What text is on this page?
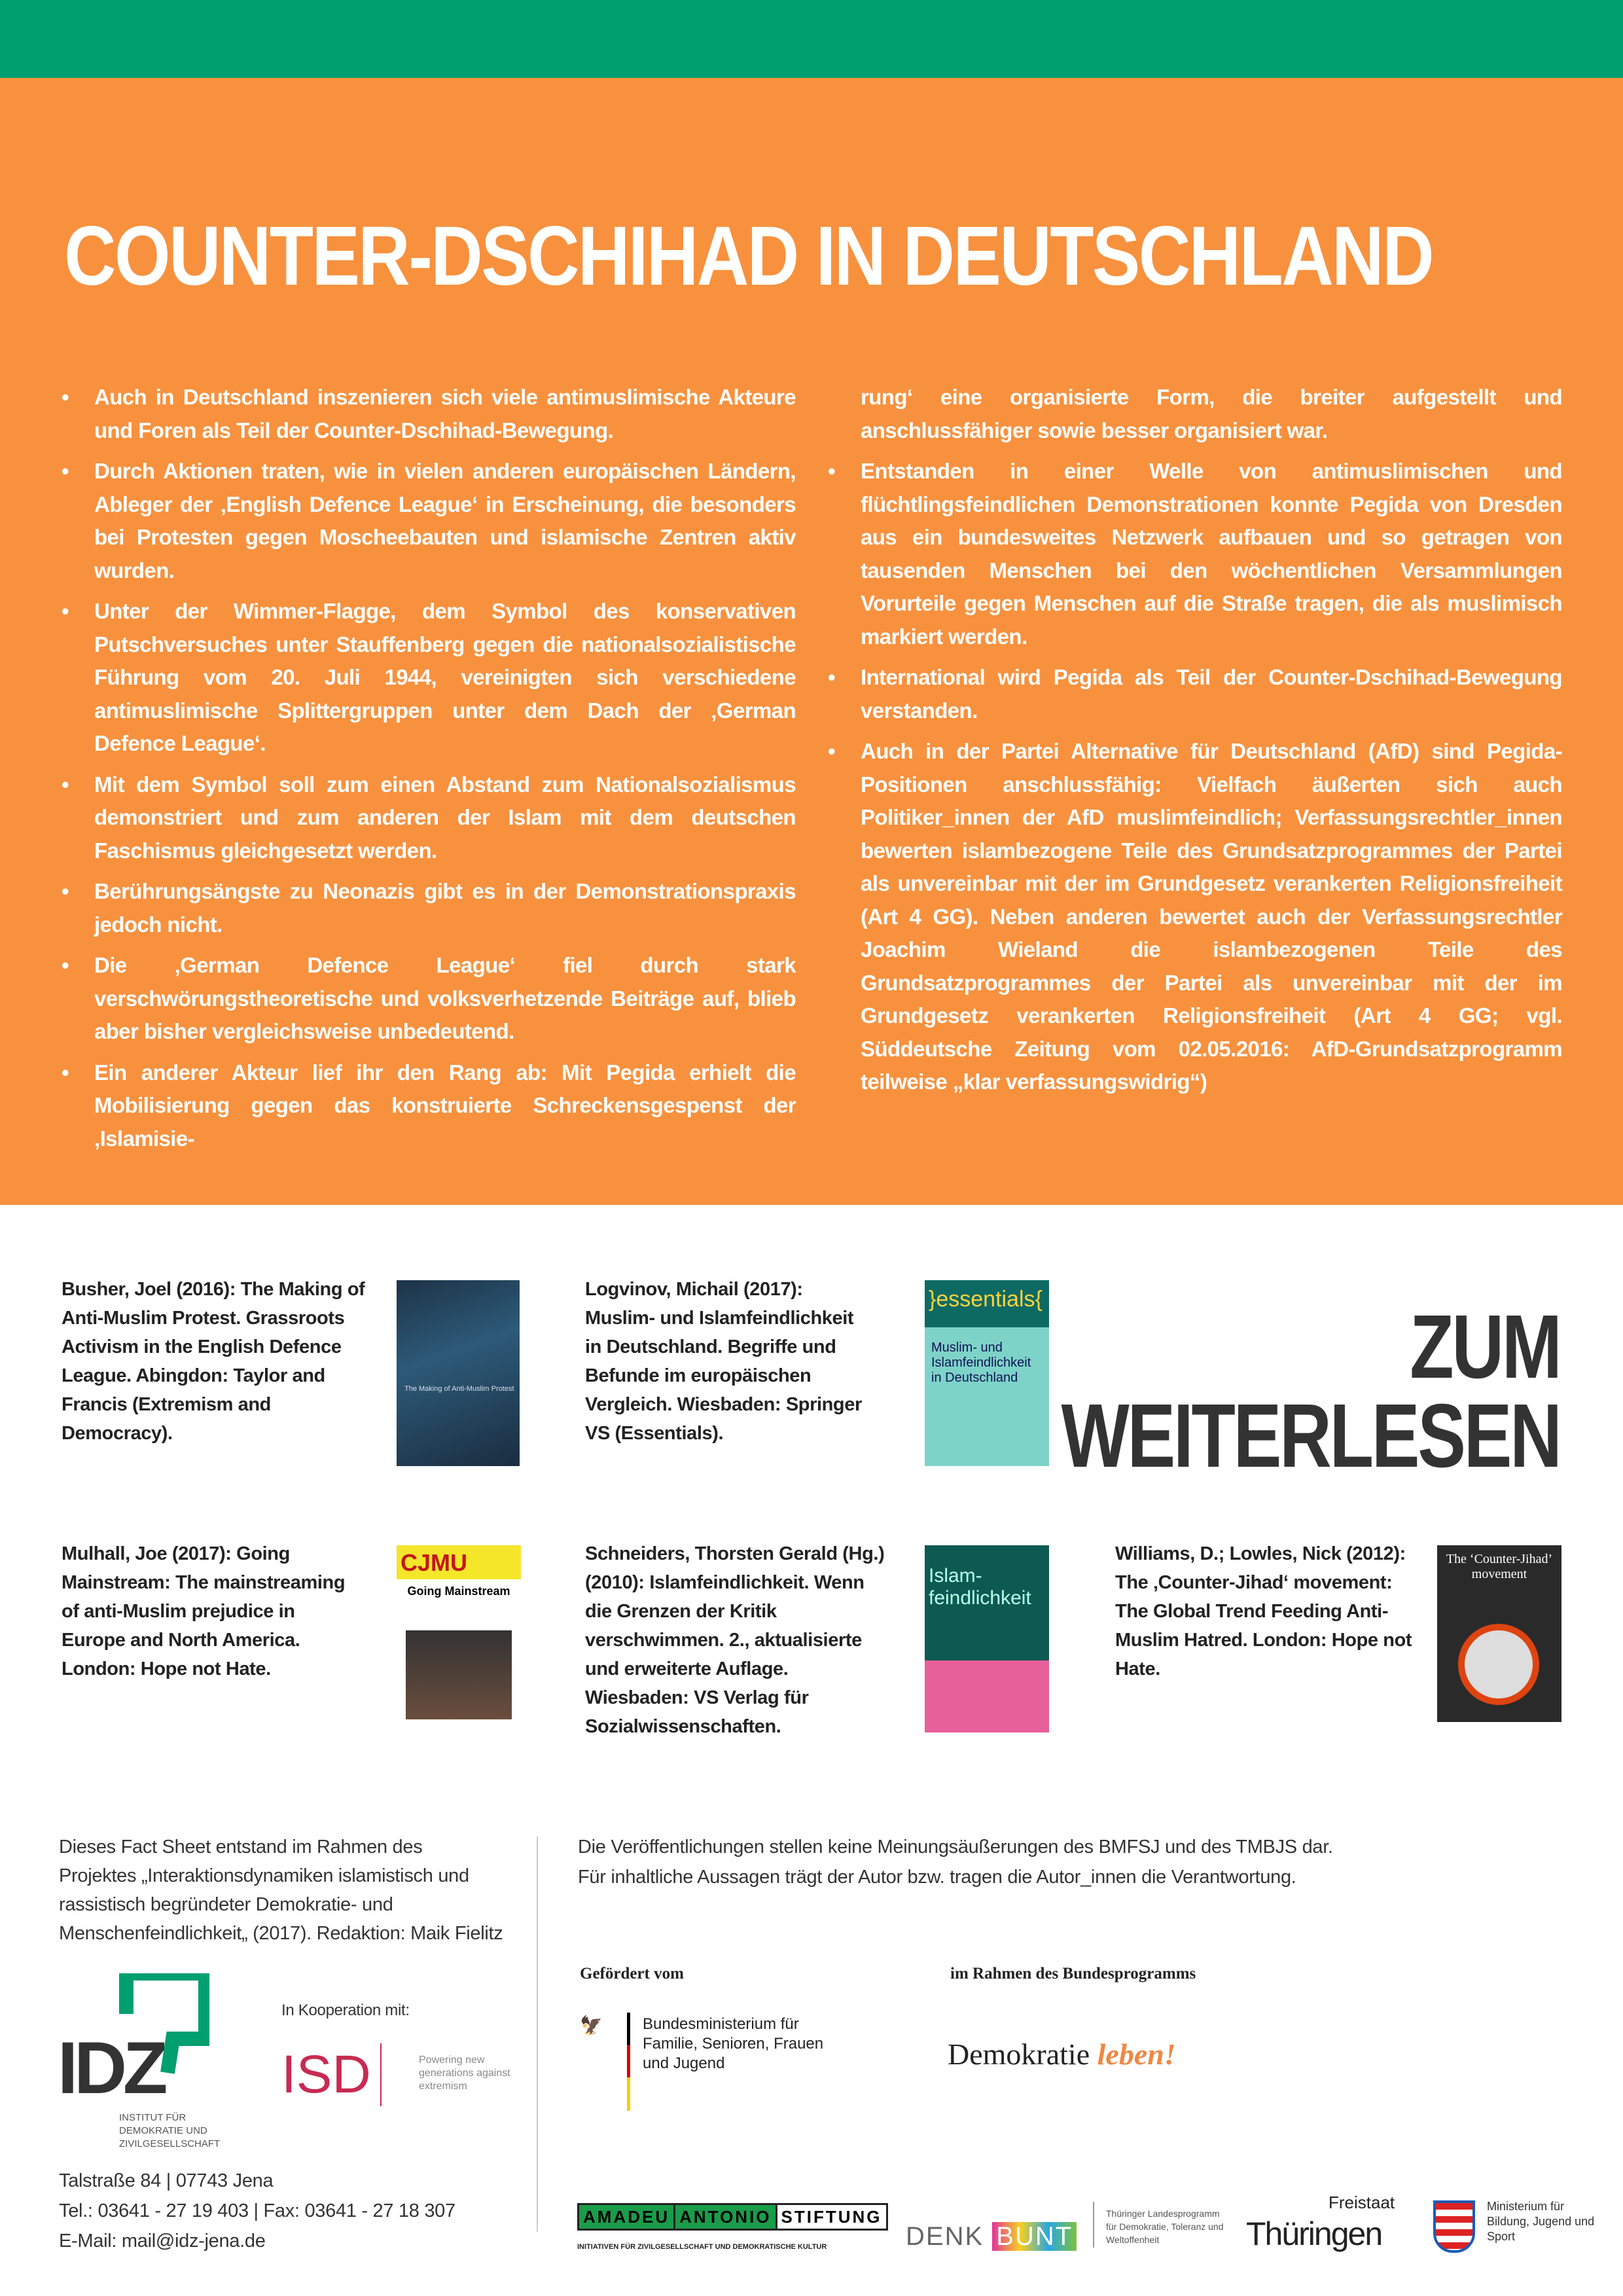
COUNTER-DSCHIHAD IN DEUTSCHLAND
• Auch in Deutschland inszenieren sich viele antimuslimische Akteure und Foren als Teil der Counter-Dschihad-Bewegung.
• Durch Aktionen traten, wie in vielen anderen europäischen Ländern, Ableger der ‚English Defence League‘ in Erscheinung, die besonders bei Protesten gegen Moscheebauten und islamische Zentren aktiv wurden.
• Unter der Wimmer-Flagge, dem Symbol des konservativen Putschversuches unter Stauffenberg gegen die nationalsozialistische Führung vom 20. Juli 1944, vereinigten sich verschiedene antimuslimische Splittergruppen unter dem Dach der ‚German Defence League‘.
• Mit dem Symbol soll zum einen Abstand zum Nationalsozialismus demonstriert und zum anderen der Islam mit dem deutschen Faschismus gleichgesetzt werden.
• Berührungsängste zu Neonazis gibt es in der Demonstrationspraxis jedoch nicht.
• Die ‚German Defence League‘ fiel durch stark verschwörungstheoretische und volksverhetzende Beiträge auf, blieb aber bisher vergleichsweise unbedeutend.
• Ein anderer Akteur lief ihr den Rang ab: Mit Pegida erhielt die Mobilisierung gegen das konstruierte Schreckensgespenst der ‚Islamisie-
rung‘ eine organisierte Form, die breiter aufgestellt und anschlussfähiger sowie besser organisiert war.
• Entstanden in einer Welle von antimuslimischen und flüchtlingsfeindlichen Demonstrationen konnte Pegida von Dresden aus ein bundesweites Netzwerk aufbauen und so getragen von tausenden Menschen bei den wöchentlichen Versammlungen Vorurteile gegen Menschen auf die Straße tragen, die als muslimisch markiert werden.
• International wird Pegida als Teil der Counter-Dschihad-Bewegung verstanden.
• Auch in der Partei Alternative für Deutschland (AfD) sind Pegida-Positionen anschlussfähig: Vielfach äußerten sich auch Politiker_innen der AfD muslimfeindlich; Verfassungsrechtler_innen bewerten islambezogene Teile des Grundsatzprogrammes der Partei als unvereinbar mit der im Grundgesetz verankerten Religionsfreiheit (Art 4 GG). Neben anderen bewertet auch der Verfassungsrechtler Joachim Wieland die islambezogenen Teile des Grundsatzprogrammes der Partei als unvereinbar mit der im Grundgesetz verankerten Religionsfreiheit (Art 4 GG; vgl. Süddeutsche Zeitung vom 02.05.2016: AfD-Grundsatzprogramm teilweise „klar verfassungswidrig“)
Busher, Joel (2016): The Making of Anti-Muslim Protest. Grassroots Activism in the English Defence League. Abingdon: Taylor and Francis (Extremism and Democracy).
The Making of Anti-Muslim Protest
Logvinov, Michail (2017): Muslim- und Islamfeindlichkeit in Deutschland. Begriffe und Befunde im europäischen Vergleich. Wiesbaden: Springer VS (Essentials).
}essentials{
Muslim- und Islamfeindlichkeit in Deutschland	ZUM
WEITERLESEN
Mulhall, Joe (2017): Going Mainstream: The mainstreaming of anti-Muslim prejudice in Europe and North America. London: Hope not Hate.
CJMU
Going Mainstream
Schneiders, Thorsten Gerald (Hg.) (2010): Islamfeindlichkeit. Wenn die Grenzen der Kritik verschwimmen. 2., aktualisierte und erweiterte Auflage. Wiesbaden: VS Verlag für Sozialwissenschaften.
Islam-feindlichkeit
Williams, D.; Lowles, Nick (2012): The ‚Counter-Jihad‘ movement: The Global Trend Feeding Anti-Muslim Hatred. London: Hope not Hate.
The ‘Counter-Jihad’ movement
Dieses Fact Sheet entstand im Rahmen des Projektes „Interaktionsdynamiken islamistisch und rassistisch begründeter Demokratie- und Menschenfeindlichkeit„ (2017). Redaktion: Maik Fielitz
Die Veröffentlichungen stellen keine Meinungsäußerungen des BMFSJ und des TMBJS dar.
Für inhaltliche Aussagen trägt der Autor bzw. tragen die Autor_innen die Verantwortung.
IDZ
INSTITUT FÜR DEMOKRATIE UND ZIVILGESELLSCHAFT
In Kooperation mit:
ISD	Powering new generations against extremism
Talstraße 84 | 07743 Jena
Tel.: 03641 - 27 19 403 | Fax: 03641 - 27 18 307
E-Mail: mail@idz-jena.de
Gefördert vom	im Rahmen des Bundesprogramms
🦅	Bundesministerium für Familie, Senioren, Frauen und Jugend	Demokratie leben!
AMADEU ANTONIO STIFTUNG
INITIATIVEN FÜR ZIVILGESELLSCHAFT UND DEMOKRATISCHE KULTUR	DENK BUNT
Thüringer Landesprogramm für Demokratie, Toleranz und Weltoffenheit
Freistaat
Thüringen
Ministerium für Bildung, Jugend und Sport
